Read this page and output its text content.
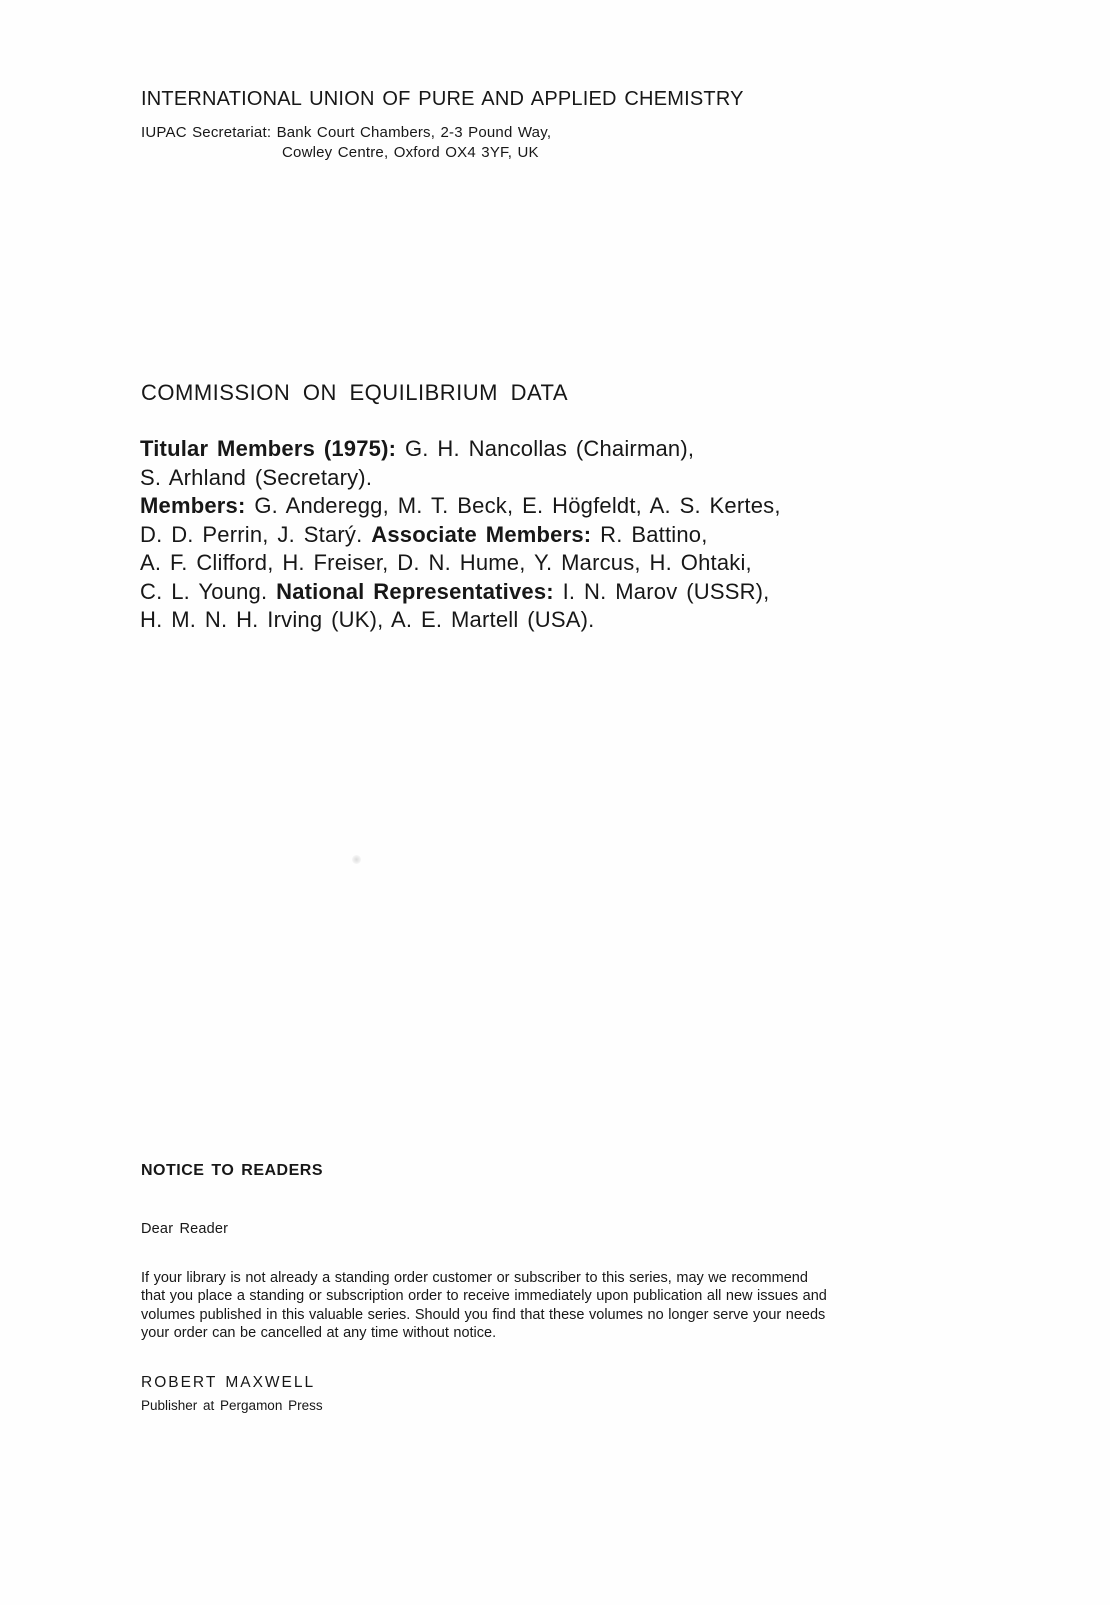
INTERNATIONAL UNION OF PURE AND APPLIED CHEMISTRY
IUPAC Secretariat: Bank Court Chambers, 2-3 Pound Way,
Cowley Centre, Oxford OX4 3YF, UK
COMMISSION ON EQUILIBRIUM DATA
Titular Members (1975): G. H. Nancollas (Chairman),
S. Arhland (Secretary).
Members: G. Anderegg, M. T. Beck, E. Högfeldt, A. S. Kertes,
D. D. Perrin, J. Starý. Associate Members: R. Battino,
A. F. Clifford, H. Freiser, D. N. Hume, Y. Marcus, H. Ohtaki,
C. L. Young. National Representatives: I. N. Marov (USSR),
H. M. N. H. Irving (UK), A. E. Martell (USA).
NOTICE TO READERS
Dear Reader
If your library is not already a standing order customer or subscriber to this series, may we recommend
that you place a standing or subscription order to receive immediately upon publication all new issues and
volumes published in this valuable series. Should you find that these volumes no longer serve your needs
your order can be cancelled at any time without notice.
ROBERT MAXWELL
Publisher at Pergamon Press
